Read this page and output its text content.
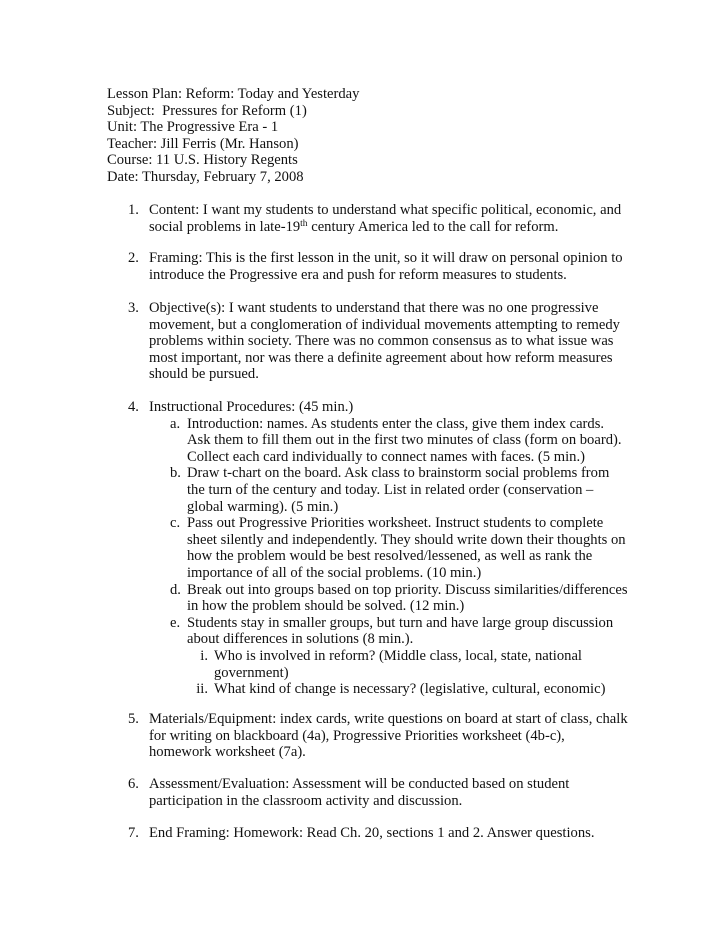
Lesson Plan: Reform: Today and Yesterday
Subject:  Pressures for Reform (1)
Unit: The Progressive Era - 1
Teacher: Jill Ferris (Mr. Hanson)
Course: 11 U.S. History Regents
Date: Thursday, February 7, 2008
1. Content: I want my students to understand what specific political, economic, and social problems in late-19th century America led to the call for reform.
2. Framing: This is the first lesson in the unit, so it will draw on personal opinion to introduce the Progressive era and push for reform measures to students.
3. Objective(s): I want students to understand that there was no one progressive movement, but a conglomeration of individual movements attempting to remedy problems within society. There was no common consensus as to what issue was most important, nor was there a definite agreement about how reform measures should be pursued.
4. Instructional Procedures: (45 min.)
a. Introduction: names. As students enter the class, give them index cards. Ask them to fill them out in the first two minutes of class (form on board). Collect each card individually to connect names with faces. (5 min.)
b. Draw t-chart on the board. Ask class to brainstorm social problems from the turn of the century and today. List in related order (conservation – global warming). (5 min.)
c. Pass out Progressive Priorities worksheet. Instruct students to complete sheet silently and independently. They should write down their thoughts on how the problem would be best resolved/lessened, as well as rank the importance of all of the social problems. (10 min.)
d. Break out into groups based on top priority. Discuss similarities/differences in how the problem should be solved. (12 min.)
e. Students stay in smaller groups, but turn and have large group discussion about differences in solutions (8 min.).
i. Who is involved in reform? (Middle class, local, state, national government)
ii. What kind of change is necessary? (legislative, cultural, economic)
5. Materials/Equipment: index cards, write questions on board at start of class, chalk for writing on blackboard (4a), Progressive Priorities worksheet (4b-c), homework worksheet (7a).
6. Assessment/Evaluation: Assessment will be conducted based on student participation in the classroom activity and discussion.
7. End Framing: Homework: Read Ch. 20, sections 1 and 2. Answer questions.
